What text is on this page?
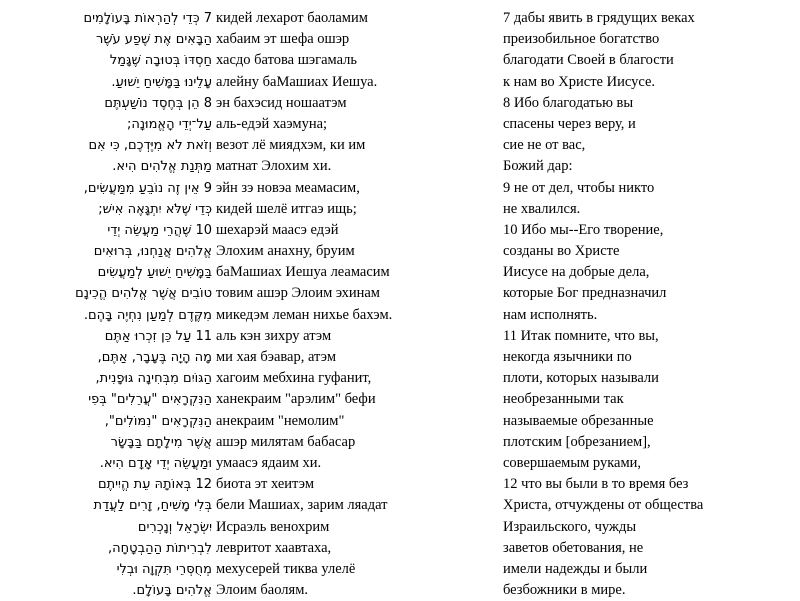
7 כְּדֵי לְהַרְאוֹת בָּעוֹלָמִים
הַבָּאִים אֶת שֶׁפַע עֹשֶׁר
חַסְדּוֹ בְּטוּבָה שֶׁגָּמַל
עָלֵינוּ בַּמָּשִׁיחַ יֵשׁוּעַ.
8 הֵן בְּחֶסֶד נוֹשַׁעְתֶּם
עַל־יְדֵי הָאֱמוּנָה;
וְזֹאת לֹא מִיֶּדְכֶם, כִּי אִם
מַתְּנַת אֱלֹהִים הִיא.
9 אֵין זֶה נוֹבֵעַ מִמַּעֲשִׂים,
כְּדֵי שֶׁלֹּא יִתְגָּאֶה אִישׁ;
10 שֶׁהֲרֵי מַעֲשֵׂה יְדֵי
אֱלֹהִים אֲנַחְנוּ, בְּרוּאִים
בַּמָּשִׁיחַ יֵשׁוּעַ לְמַעֲשִׂים
טוֹבִים אֲשֶׁר אֱלֹהִים הֱכִינָם
מִקֶּדֶם לְמַעַן נִחְיֶה בָּהֶם.
11 עַל כֵּן זִכְרוּ אַתֶּם
מָה הָיָה בֶּעָבָר, אַתֶּם,
הַגּוֹיִם מִבְּחִינָה גּוּפָנִית,
הַנִּקְרָאִים "עֲרֵלִים" בְּפִי
הַנִּקְרָאִים "נִמּוֹלִים",
אֲשֶׁר מִילָתָם בַּבָּשָׂר
וּמַעֲשֵׂה יְדֵי אָדָם הִיא.
12 בְּאוֹתָהּ עֵת הֱיִיתֶם
בְּלִי מָשִׁיחַ, זָרִים לַעֲדַת
יִשְׂרָאֵל וְנָכְרִים
לִבְרִיתוֹת הַהַבְטָחָה,
מְחֻסְּרֵי תִּקְוָה וּבְלִי
אֱלֹהִים בָּעוֹלָם.
кидей лехарот баоламим
хабаим эт шефа ошэр
хасдо батова шэгамаль
алейну баМашиах Иешуа.
эн бахэсид ношаатэм
аль-едэй хаэмуна;
везот лё миядхэм, ки им
матнат Элохим хи.
эйн зэ новэа меамасим,
кидей шелё итгаэ ищь;
шехарэй маасэ едэй
Элохим анахну, бруим
баМашиах Иешуа леамасим
товим ашэр Элоим эхинам
микедэм леман нихье бахэм.
аль кэн зихру атэм
ми хая бэавар, атэм
хагоим мебхина гуфанит,
ханекраим "арэлим" бефи
анекраим "немолим"
ашэр милятам бабасар
умаасэ ядаим хи.
биота эт хеитэм
бели Машиах, зарим ляадат
Исраэль венохрим
левритот хаавтаха,
мехусерей тиква улелё
Элоим баолям.
7 дабы явить в грядущих веках
преизобильное богатство
благодати Своей в благости
к нам во Христе Иисусе.
8 Ибо благодатью вы
спасены через веру, и
сие не от вас,
Божий дар:
9 не от дел, чтобы никто
не хвалился.
10 Ибо мы--Его творение,
созданы во Христе
Иисусе на добрые дела,
которые Бог предназначил
нам исполнять.
11 Итак помните, что вы,
некогда язычники по
плоти, которых называли
необрезанными так
называемые обрезанные
плотским [обрезанием],
совершаемым руками,
12 что вы были в то время без
Христа, отчуждены от общества
Израильского, чужды
заветов обетования, не
имели надежды и были
безбожники в мире.
